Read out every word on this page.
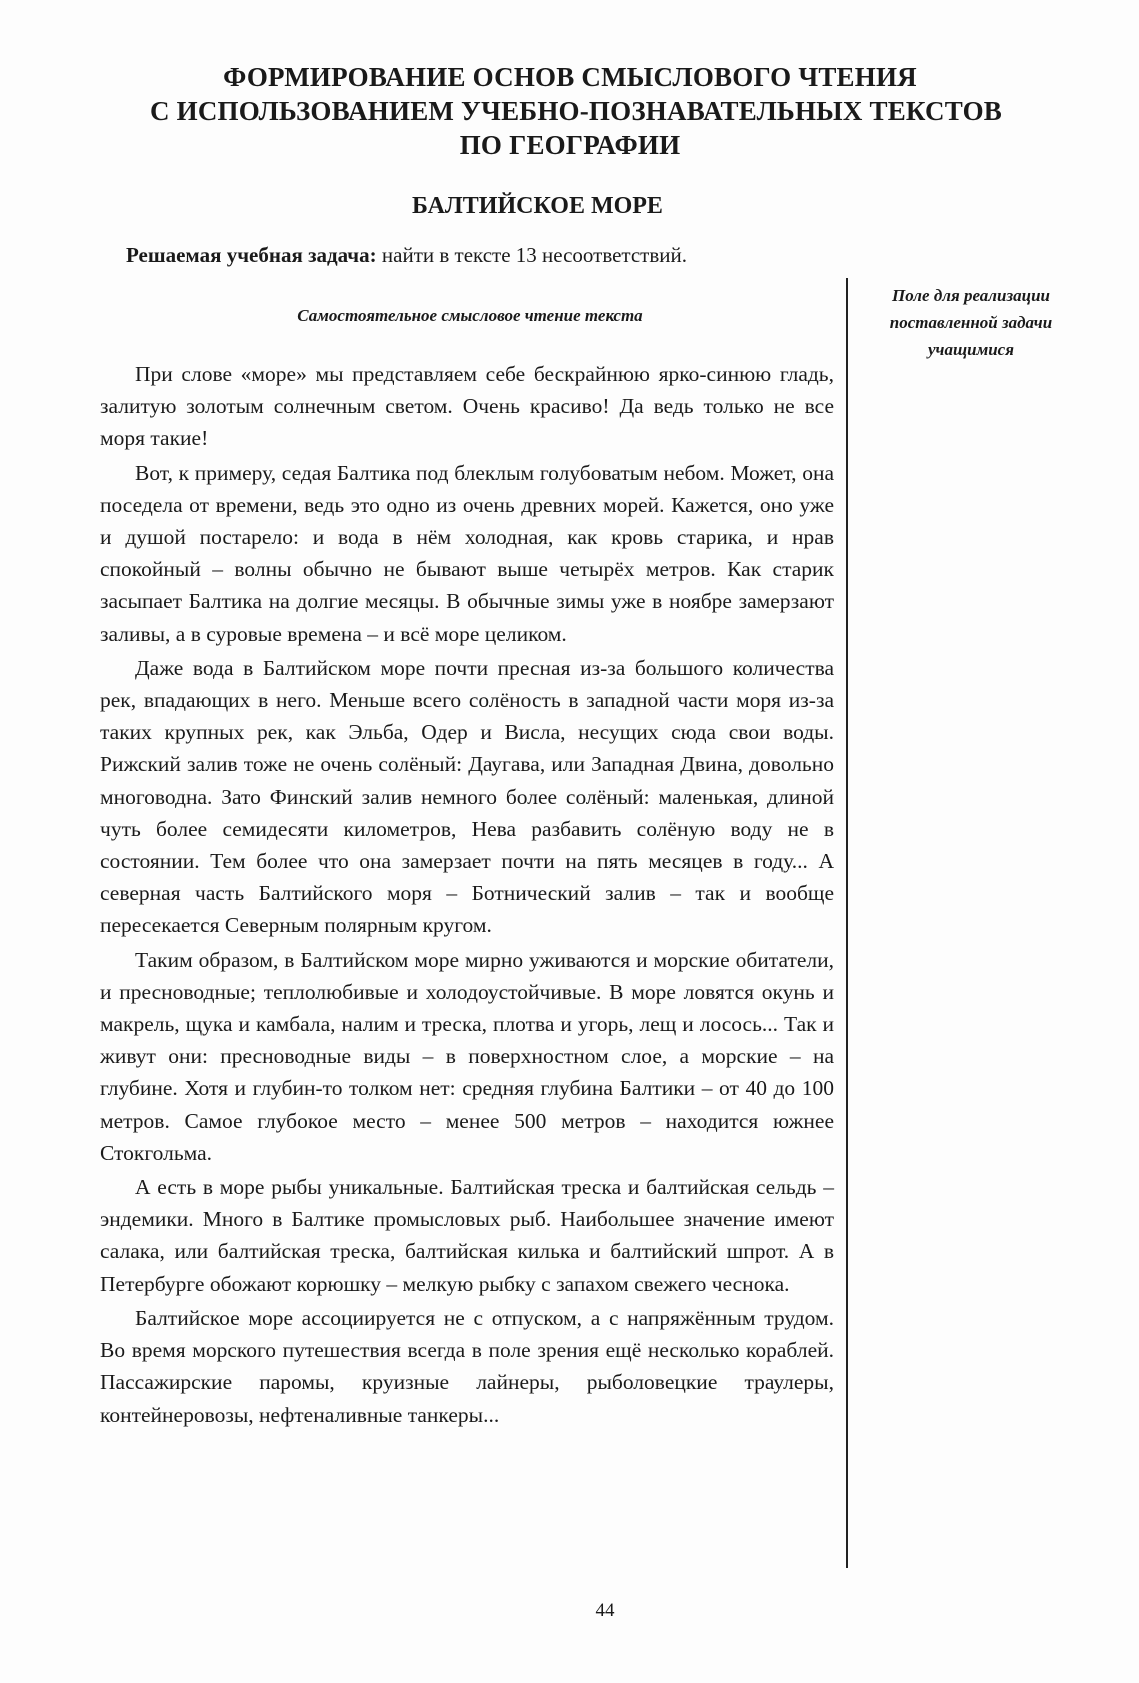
ФОРМИРОВАНИЕ ОСНОВ СМЫСЛОВОГО ЧТЕНИЯ
С ИСПОЛЬЗОВАНИЕМ УЧЕБНО-ПОЗНАВАТЕЛЬНЫХ ТЕКСТОВ
ПО ГЕОГРАФИИ
БАЛТИЙСКОЕ МОРЕ
Решаемая учебная задача: найти в тексте 13 несоответствий.
Самостоятельное смысловое чтение текста
Поле для реализации
поставленной задачи
учащимися

При слове «море» мы представляем себе бескрайнюю ярко-синюю гладь, залитую золотым солнечным светом. Очень красиво! Да ведь только не все моря такие!

Вот, к примеру, седая Балтика под блеклым голубоватым небом. Может, она поседела от времени, ведь это одно из очень древних морей. Кажется, оно уже и душой постарело: и вода в нём холодная, как кровь старика, и нрав спокойный – волны обычно не бывают выше четырёх метров. Как старик засыпает Балтика на долгие месяцы. В обычные зимы уже в ноябре замерзают заливы, а в суровые времена – и всё море целиком.

Даже вода в Балтийском море почти пресная из-за большого количества рек, впадающих в него. Меньше всего солёность в западной части моря из-за таких крупных рек, как Эльба, Одер и Висла, несущих сюда свои воды. Рижский залив тоже не очень солёный: Даугава, или Западная Двина, довольно многоводна. Зато Финский залив немного более солёный: маленькая, длиной чуть более семидесяти километров, Нева разбавить солёную воду не в состоянии. Тем более что она замерзает почти на пять месяцев в году... А северная часть Балтийского моря – Ботнический залив – так и вообще пересекается Северным полярным кругом.

Таким образом, в Балтийском море мирно уживаются и морские обитатели, и пресноводные; теплолюбивые и холодоустойчивые. В море ловятся окунь и макрель, щука и камбала, налим и треска, плотва и угорь, лещ и лосось... Так и живут они: пресноводные виды – в поверхностном слое, а морские – на глубине. Хотя и глубин-то толком нет: средняя глубина Балтики – от 40 до 100 метров. Самое глубокое место – менее 500 метров – находится южнее Стокгольма.

А есть в море рыбы уникальные. Балтийская треска и балтийская сельдь – эндемики. Много в Балтике промысловых рыб. Наибольшее значение имеют салака, или балтийская треска, балтийская килька и балтийский шпрот. А в Петербурге обожают корюшку – мелкую рыбку с запахом свежего чеснока.

Балтийское море ассоциируется не с отпуском, а с напряжённым трудом. Во время морского путешествия всегда в поле зрения ещё несколько кораблей. Пассажирские паромы, круизные лайнеры, рыболовецкие траулеры, контейнеровозы, нефтеналивные танкеры...

44
